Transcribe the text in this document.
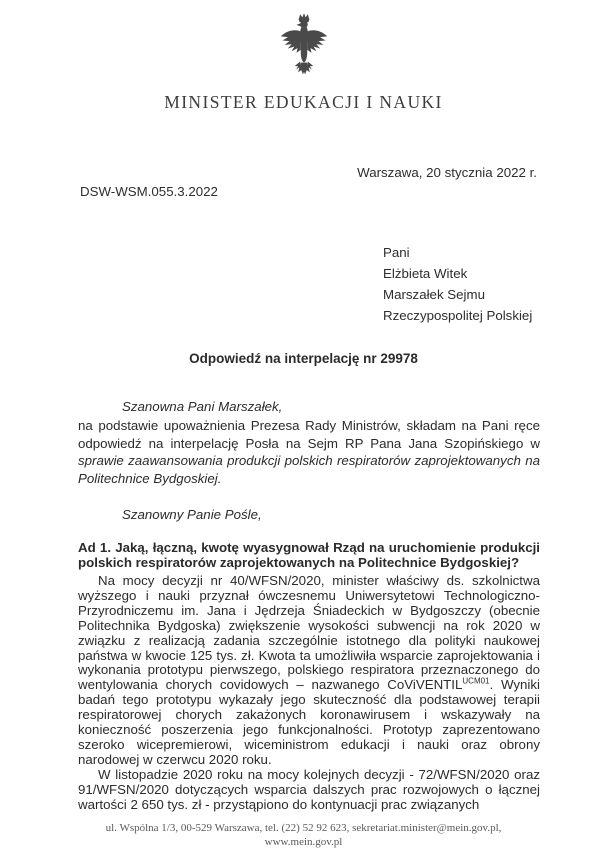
MINISTER EDUKACJI I NAUKI
Warszawa, 20 stycznia 2022 r.
DSW-WSM.055.3.2022
Pani
Elżbieta Witek
Marszałek Sejmu
Rzeczypospolitej Polskiej
Odpowiedź na interpelację nr 29978
Szanowna Pani Marszałek,
na podstawie upoważnienia Prezesa Rady Ministrów, składam na Pani ręce odpowiedź na interpelację Posła na Sejm RP Pana Jana Szopińskiego w sprawie zaawansowania produkcji polskich respiratorów zaprojektowanych na Politechnice Bydgoskiej.
Szanowny Panie Pośle,
Ad 1. Jaką, łączną, kwotę wyasygnował Rząd na uruchomienie produkcji polskich respiratorów zaprojektowanych na Politechnice Bydgoskiej?

Na mocy decyzji nr 40/WFSN/2020, minister właściwy ds. szkolnictwa wyższego i nauki przyznał ówczesnemu Uniwersytetowi Technologiczno-Przyrodniczemu im. Jana i Jędrzeja Śniadeckich w Bydgoszczy (obecnie Politechnika Bydgoska) zwiększenie wysokości subwencji na rok 2020 w związku z realizacją zadania szczególnie istotnego dla polityki naukowej państwa w kwocie 125 tys. zł. Kwota ta umożliwiła wsparcie zaprojektowania i wykonania prototypu pierwszego, polskiego respiratora przeznaczonego do wentylowania chorych covidowych – nazwanego CoViVENTIL$^{UCM01}$. Wyniki badań tego prototypu wykazały jego skuteczność dla podstawowej terapii respiratorowej chorych zakażonych koronawirusem i wskazywały na konieczność poszerzenia jego funkcjonalności. Prototyp zaprezentowano szeroko wicepremierowi, wiceministrom edukacji i nauki oraz obrony narodowej w czerwcu 2020 roku.

W listopadzie 2020 roku na mocy kolejnych decyzji - 72/WFSN/2020 oraz 91/WFSN/2020 dotyczących wsparcia dalszych prac rozwojowych o łącznej wartości 2 650 tys. zł - przystąpiono do kontynuacji prac związanych

ul. Wspólna 1/3, 00-529 Warszawa, tel. (22) 52 92 623, sekretariat.minister@mein.gov.pl,
www.mein.gov.pl
